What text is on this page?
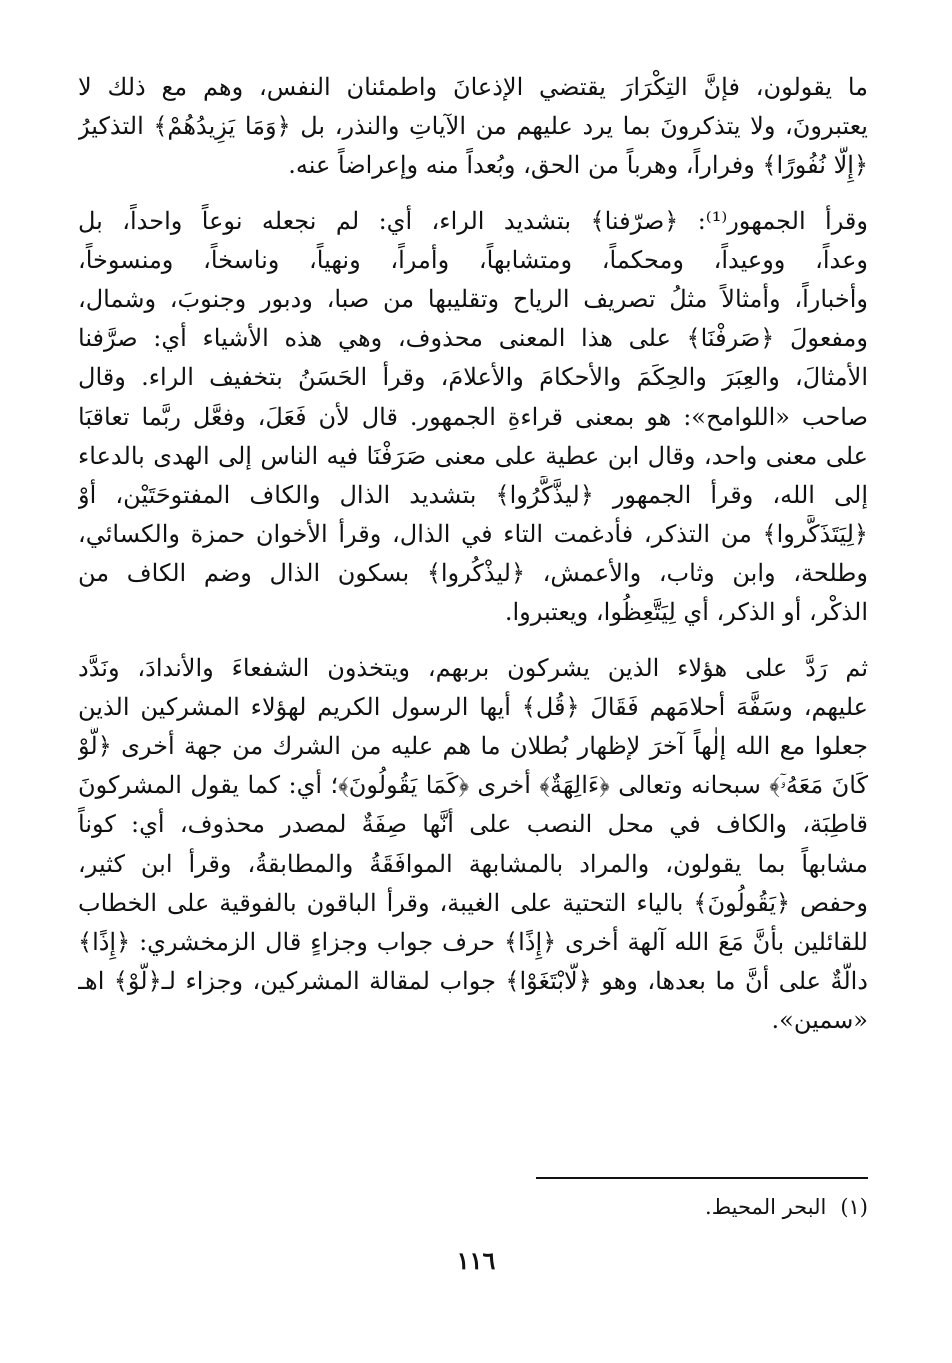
ما يقولون، فإنَّ التِكْرَارَ يقتضي الإذعانَ واطمئنان النفس، وهم مع ذلك لا
يعتبرونَ، ولا يتذكرونَ بما يرد عليهم من الآياتِ والنذر، بل ﴿وَمَا يَزِيدُهُمْ﴾ التذكيرُ
﴿إِلَّا نُفُورًا﴾ وفراراً، وهرباً من الحق، وبُعداً منه وإعراضاً عنه.
وقرأ الجمهور⁽¹⁾: ﴿صرّفنا﴾ بتشديد الراء، أي: لم نجعله نوعاً واحداً، بل
وعداً، ووعيداً، ومحكماً، ومتشابهاً، وأمراً، ونهياً، وناسخاً، ومنسوخاً،
وأخباراً، وأمثالاً مثلُ تصريف الرياح وتقليبها من صبا، ودبور وجنوبَ، وشمال،
ومفعولَ ﴿صَرفْنَا﴾ على هذا المعنى محذوف، وهي هذه الأشياء أي: صرَّفنا
الأمثالَ، والعِبَرَ والحِكَمَ والأحكامَ والأعلامَ، وقرأ الحَسَنُ بتخفيف الراء. وقال
صاحب «اللوامح»: هو بمعنى قراءةِ الجمهور. قال لأن فَعَلَ، وفعَّل ربَّما تعاقبَا
على معنى واحد، وقال ابن عطية على معنى صَرَفْنَا فيه الناس إلى الهدى بالدعاء
إلى الله، وقرأ الجمهور ﴿ليذَّكَّرُوا﴾ بتشديد الذال والكاف المفتوحَتَيْن، أوْ
﴿لِيَتَذَكَّروا﴾ من التذكر، فأدغمت التاء في الذال، وقرأ الأخوان حمزة والكسائي،
وطلحة، وابن وثاب، والأعمش، ﴿ليذْكُروا﴾ بسكون الذال وضم الكاف من
الذكْر، أو الذكر، أي لِيَتَّعِظُوا، ويعتبروا.
ثم رَدَّ على هؤلاء الذين يشركون بربهم، ويتخذون الشفعاءَ والأندادَ، ونَدَّد
عليهم، وسَفَّهَ أحلامَهم فَقَالَ ﴿قُل﴾ أيها الرسول الكريم لهؤلاء المشركين الذين
جعلوا مع الله إلٰهاً آخرَ لإظهار بُطلان ما هم عليه من الشرك من جهة أخرى ﴿لَّوْ
كَانَ مَعَهُۥٓ﴾ سبحانه وتعالى ﴿ءَالِهَةٌ﴾ أخرى ﴿كَمَا يَقُولُونَ﴾؛ أي: كما يقول المشركونَ
قاطِبَة، والكاف في محل النصب على أنَّها صِفَةٌ لمصدر محذوف، أي: كوناً
مشابهاً بما يقولون، والمراد بالمشابهة الموافَقَةُ والمطابقةُ، وقرأ ابن كثير،
وحفص ﴿يَقُولُونَ﴾ بالياء التحتية على الغيبة، وقرأ الباقون بالفوقية على الخطاب
للقائلين بأنَّ مَعَ الله آلهة أخرى ﴿إِذًا﴾ حرف جواب وجزاءٍ قال الزمخشري: ﴿إِذًا﴾
دالَّةٌ على أنَّ ما بعدها، وهو ﴿لَّابْتَغَوْا﴾ جواب لمقالة المشركين، وجزاء لـ﴿لَّوْ﴾ اهـ
«سمين».
(١)البحر المحيط.
١١٦
